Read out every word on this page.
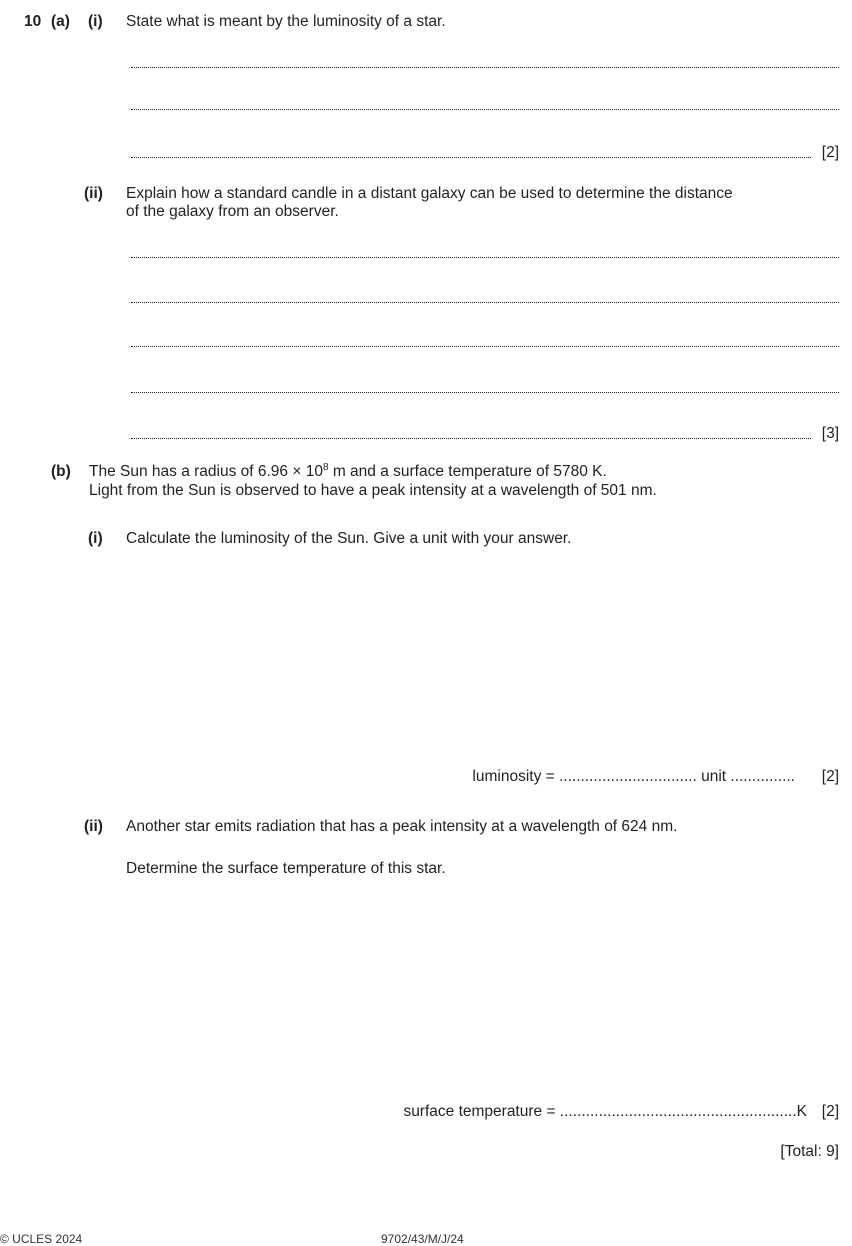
10 (a) (i) State what is meant by the luminosity of a star.
[2]
(ii) Explain how a standard candle in a distant galaxy can be used to determine the distance
of the galaxy from an observer.
[3]
(b) The Sun has a radius of $6.96 \times 10^8$ m and a surface temperature of 5780 K.
Light from the Sun is observed to have a peak intensity at a wavelength of 501 nm.
(i) Calculate the luminosity of the Sun. Give a unit with your answer.
luminosity = ................................ unit ............... [2]
(ii) Another star emits radiation that has a peak intensity at a wavelength of 624 nm.
Determine the surface temperature of this star.
surface temperature = .......................................................K [2]
[Total: 9]
© UCLES 2024	9702/43/M/J/24
